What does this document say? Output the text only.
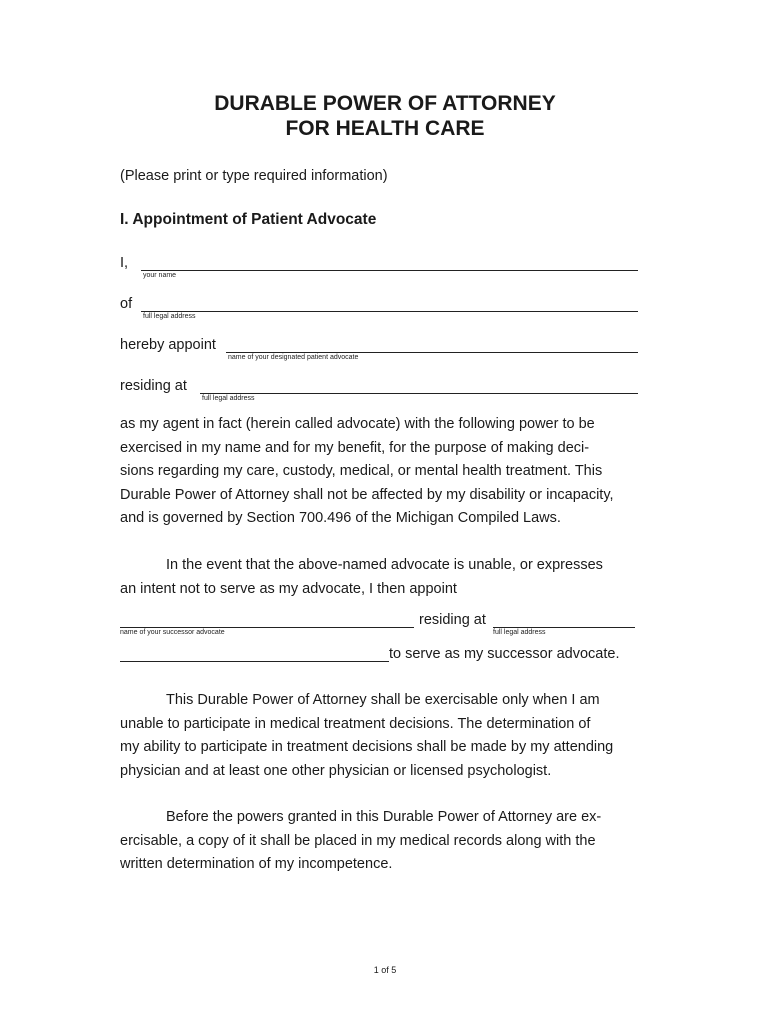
DURABLE POWER OF ATTORNEY
FOR HEALTH CARE
(Please print or type required information)
I. Appointment of Patient Advocate
I,
your name
of
full legal address
hereby appoint
name of your designated patient advocate
residing at
full legal address
as my agent in fact (herein called advocate) with the following power to be
exercised in my name and for my benefit, for the purpose of making deci-
sions regarding my care, custody, medical, or mental health treatment. This
Durable Power of Attorney shall not be affected by my disability or incapacity,
and is governed by Section 700.496 of the Michigan Compiled Laws.
In the event that the above-named advocate is unable, or expresses
an intent not to serve as my advocate, I then appoint
name of your successor advocate
residing at
full legal address
to serve as my successor advocate.
This Durable Power of Attorney shall be exercisable only when I am
unable to participate in medical treatment decisions. The determination of
my ability to participate in treatment decisions shall be made by my attending
physician and at least one other physician or licensed psychologist.
Before the powers granted in this Durable Power of Attorney are ex-
ercisable, a copy of it shall be placed in my medical records along with the
written determination of my incompetence.
1 of 5
